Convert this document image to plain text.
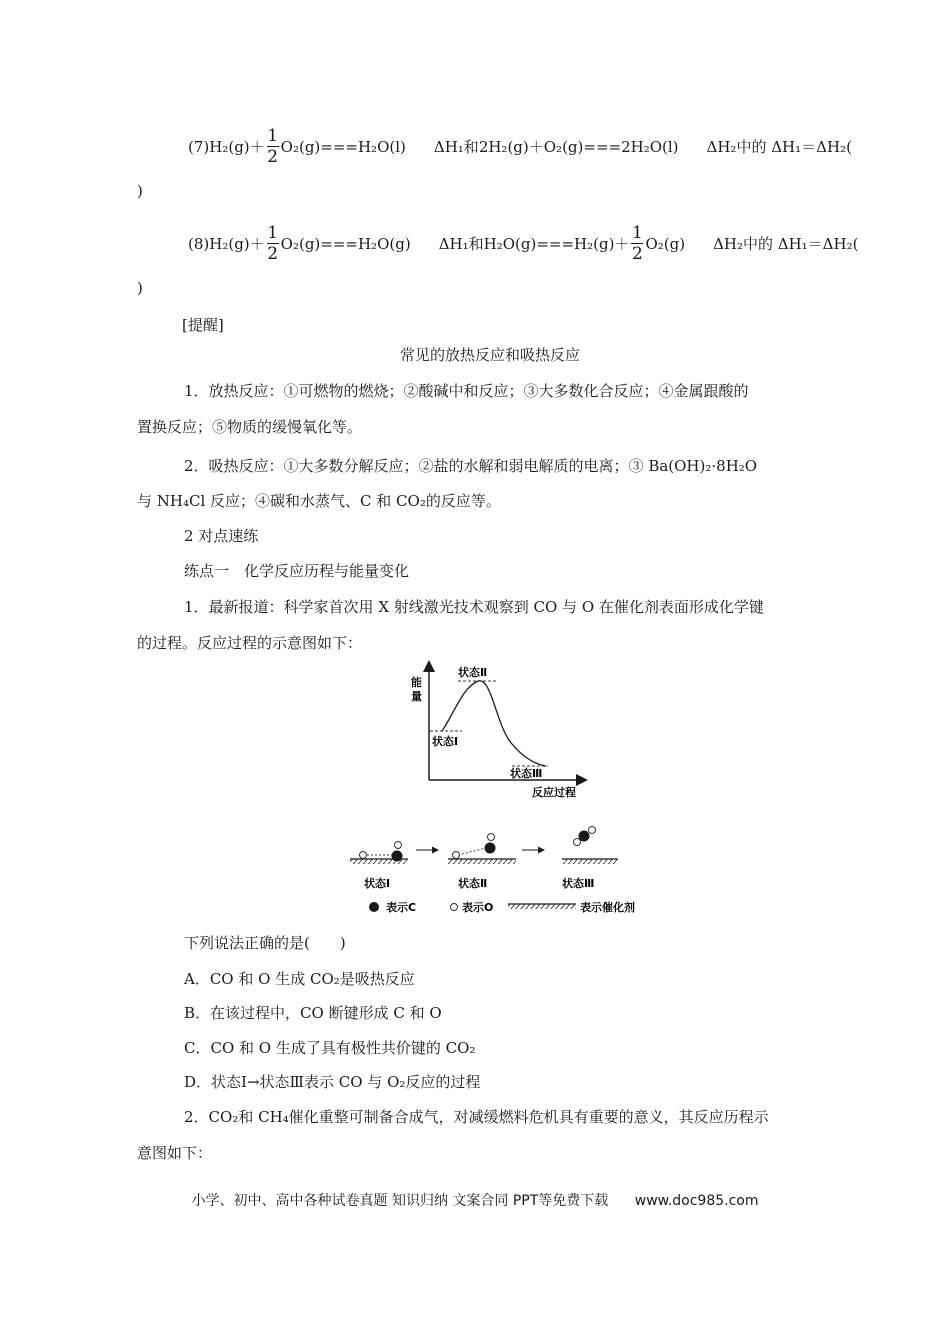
(7) $H_2(g)+ \frac{1}{2} O_2(g)===H_2O(l)$ ΔH₁和 2H₂(g)＋O₂(g)===2H₂O(l) ΔH₂中的 ΔH₁＝ΔH₂(
)
(8) $H_2(g)+ \frac{1}{2} O_2(g)===H_2O(g)$ ΔH₁和 $H_2O(g)===H_2(g)+ \frac{1}{2} O_2(g)$ ΔH₂中的 ΔH₁＝ΔH₂(
)
[提醒]
常见的放热反应和吸热反应
1．放热反应：①可燃物的燃烧；②酸碱中和反应；③大多数化合反应；④金属跟酸的
置换反应；⑤物质的缓慢氧化等。
2．吸热反应：①大多数分解反应；②盐的水解和弱电解质的电离；③ Ba(OH)₂·8H₂O
与 NH₄Cl 反应；④碳和水蒸气、C 和 CO₂的反应等。
2 对点速练
练点一　化学反应历程与能量变化
1．最新报道：科学家首次用 X 射线激光技术观察到 CO 与 O 在催化剂表面形成化学键
的过程。反应过程的示意图如下：
能
量
反应过程
状态Ⅱ
状态Ⅰ
状态Ⅲ
状态Ⅰ	状态Ⅱ	状态Ⅲ
表示C	表示O	表示催化剂
下列说法正确的是(　　)
A．CO 和 O 生成 CO₂是吸热反应
B．在该过程中，CO 断键形成 C 和 O
C．CO 和 O 生成了具有极性共价键的 CO₂
D．状态Ⅰ→状态Ⅲ表示 CO 与 O₂反应的过程
2．CO₂和 CH₄催化重整可制备合成气，对减缓燃料危机具有重要的意义，其反应历程示
意图如下：
小学、初中、高中各种试卷真题 知识归纳 文案合同 PPT等免费下载 www.doc985.com
